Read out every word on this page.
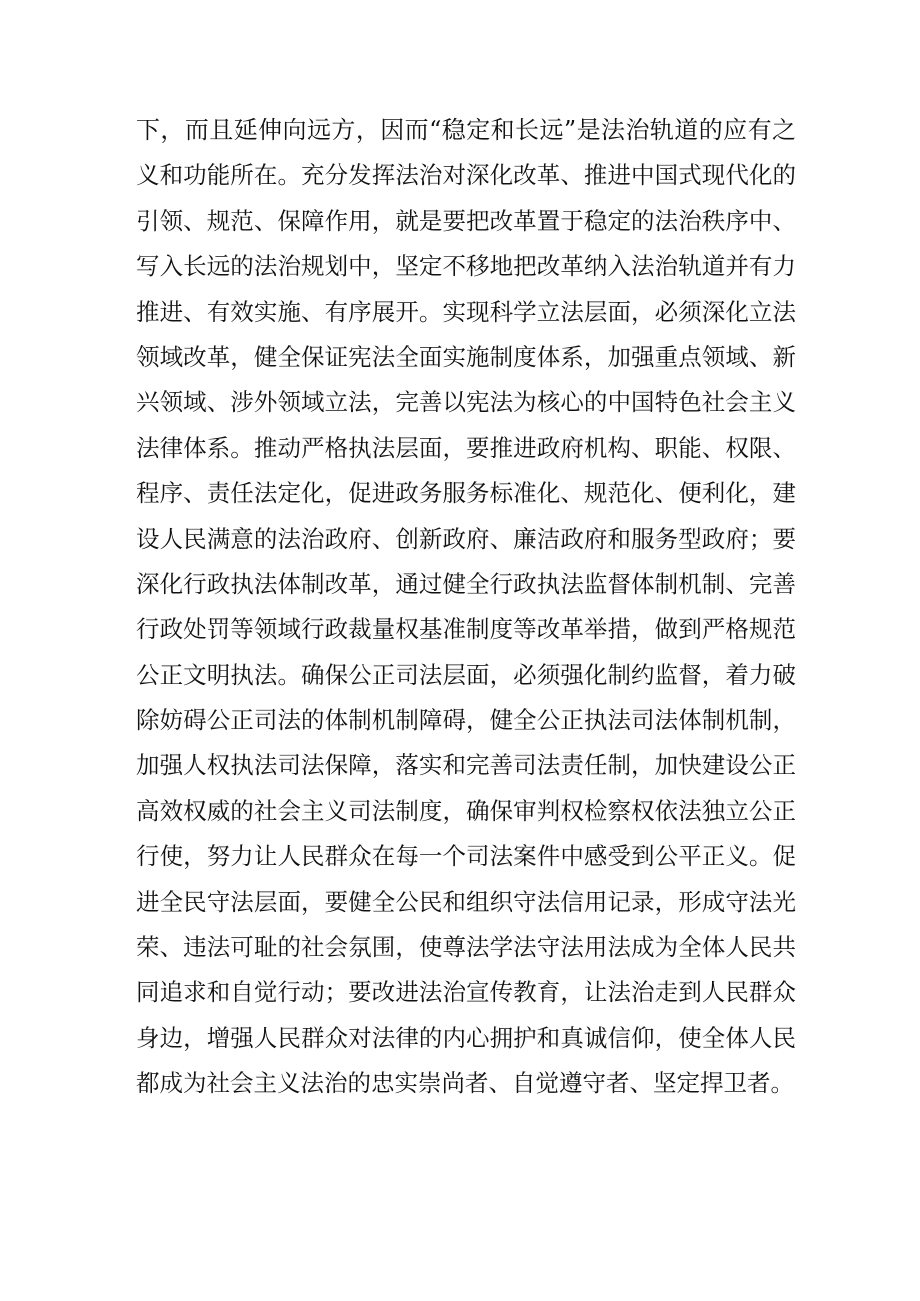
下，而且延伸向远方，因而“稳定和长远”是法治轨道的应有之
义和功能所在。充分发挥法治对深化改革、推进中国式现代化的
引领、规范、保障作用，就是要把改革置于稳定的法治秩序中、
写入长远的法治规划中，坚定不移地把改革纳入法治轨道并有力
推进、有效实施、有序展开。实现科学立法层面，必须深化立法
领域改革，健全保证宪法全面实施制度体系，加强重点领域、新
兴领域、涉外领域立法，完善以宪法为核心的中国特色社会主义
法律体系。推动严格执法层面，要推进政府机构、职能、权限、
程序、责任法定化，促进政务服务标准化、规范化、便利化，建
设人民满意的法治政府、创新政府、廉洁政府和服务型政府；要
深化行政执法体制改革，通过健全行政执法监督体制机制、完善
行政处罚等领域行政裁量权基准制度等改革举措，做到严格规范
公正文明执法。确保公正司法层面，必须强化制约监督，着力破
除妨碍公正司法的体制机制障碍，健全公正执法司法体制机制，
加强人权执法司法保障，落实和完善司法责任制，加快建设公正
高效权威的社会主义司法制度，确保审判权检察权依法独立公正
行使，努力让人民群众在每一个司法案件中感受到公平正义。促
进全民守法层面，要健全公民和组织守法信用记录，形成守法光
荣、违法可耻的社会氛围，使尊法学法守法用法成为全体人民共
同追求和自觉行动；要改进法治宣传教育，让法治走到人民群众
身边，增强人民群众对法律的内心拥护和真诚信仰，使全体人民
都成为社会主义法治的忠实崇尚者、自觉遵守者、坚定捍卫者。
